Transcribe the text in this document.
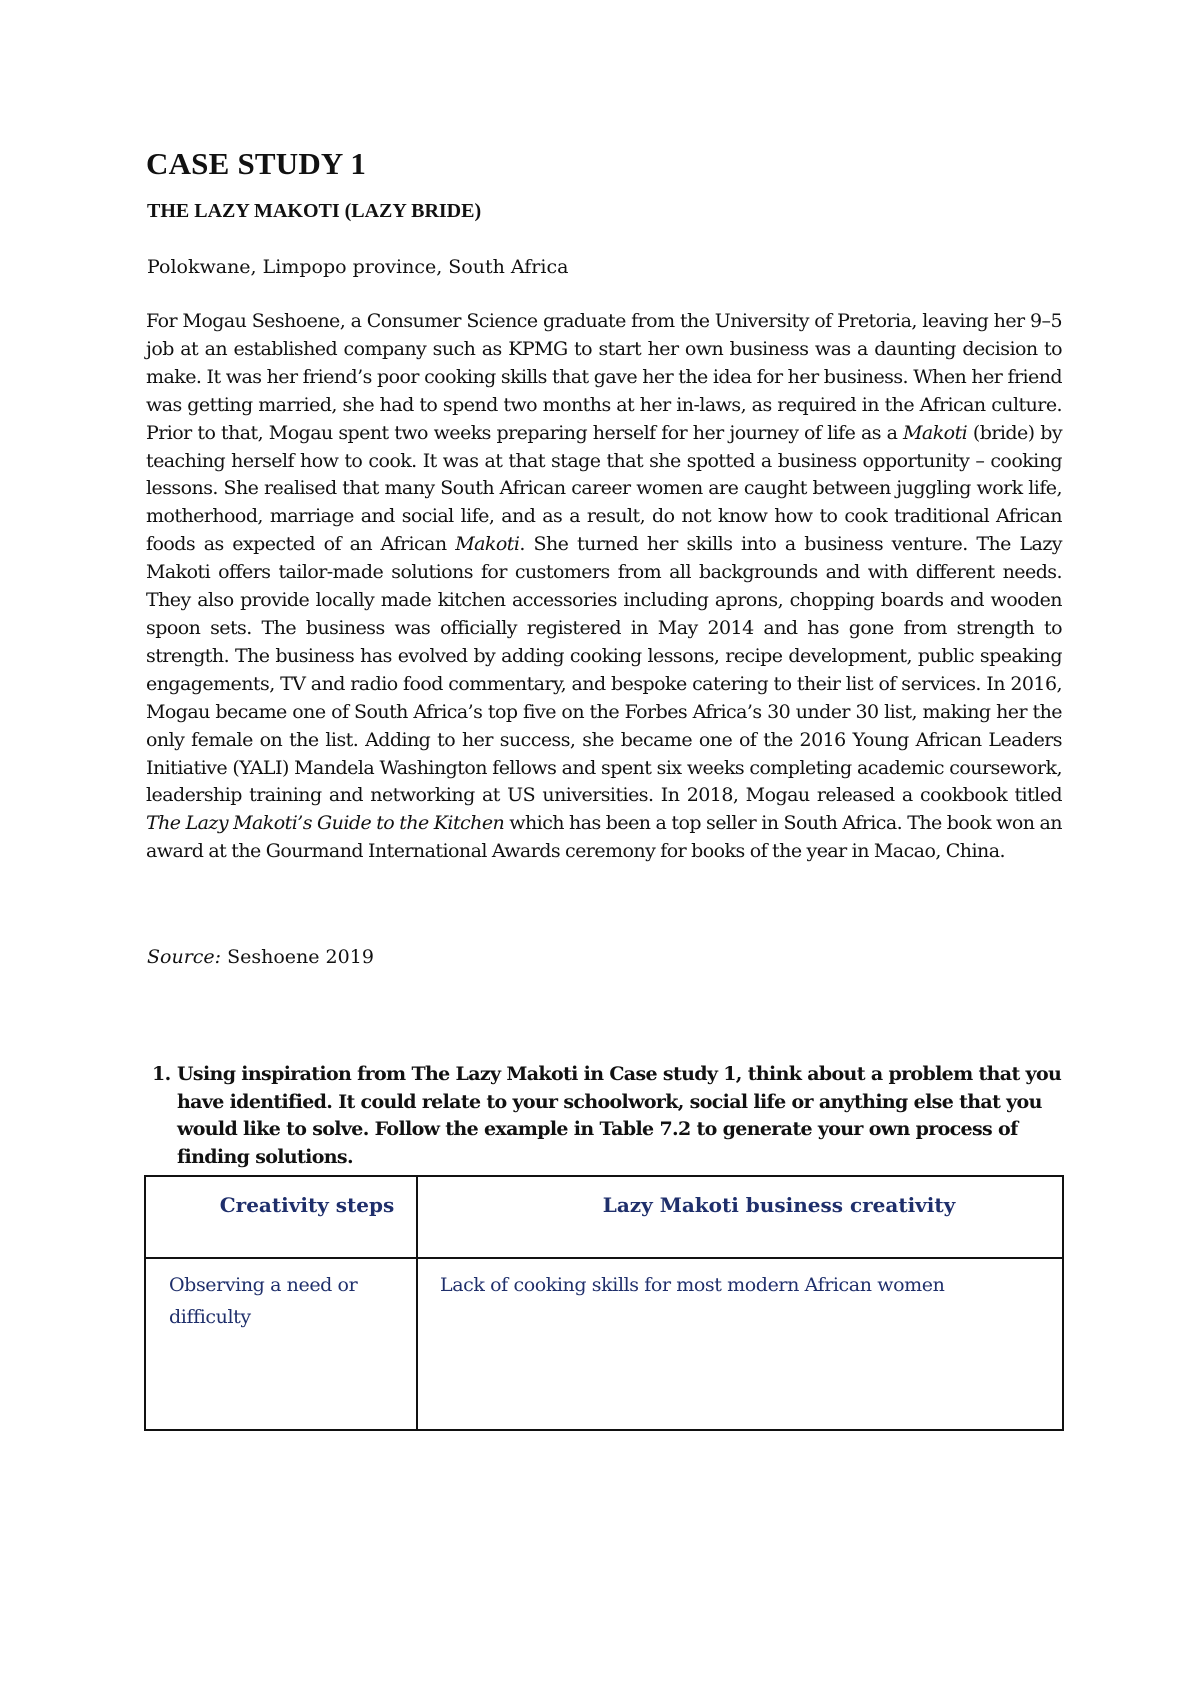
CASE STUDY 1
THE LAZY MAKOTI (LAZY BRIDE)

Polokwane, Limpopo province, South Africa

For Mogau Seshoene, a Consumer Science graduate from the University of Pretoria, leaving her 9–5 job at an established company such as KPMG to start her own business was a daunting decision to make. It was her friend’s poor cooking skills that gave her the idea for her business. When her friend was getting married, she had to spend two months at her in-laws, as required in the African culture. Prior to that, Mogau spent two weeks preparing herself for her journey of life as a Makoti (bride) by teaching herself how to cook. It was at that stage that she spotted a business opportunity – cooking lessons. She realised that many South African career women are caught between juggling work life, motherhood, marriage and social life, and as a result, do not know how to cook traditional African foods as expected of an African Makoti. She turned her skills into a business venture. The Lazy Makoti offers tailor-made solutions for customers from all backgrounds and with different needs. They also provide locally made kitchen accessories including aprons, chopping boards and wooden spoon sets. The business was officially registered in May 2014 and has gone from strength to strength. The business has evolved by adding cooking lessons, recipe development, public speaking engagements, TV and radio food commentary, and bespoke catering to their list of services. In 2016, Mogau became one of South Africa’s top five on the Forbes Africa’s 30 under 30 list, making her the only female on the list. Adding to her success, she became one of the 2016 Young African Leaders Initiative (YALI) Mandela Washington fellows and spent six weeks completing academic coursework, leadership training and networking at US universities. In 2018, Mogau released a cookbook titled The Lazy Makoti’s Guide to the Kitchen which has been a top seller in South Africa. The book won an award at the Gourmand International Awards ceremony for books of the year in Macao, China.

Source: Seshoene 2019

1. Using inspiration from The Lazy Makoti in Case study 1, think about a problem that you have identified. It could relate to your schoolwork, social life or anything else that you would like to solve. Follow the example in Table 7.2 to generate your own process of finding solutions.
Creativity steps	Lazy Makoti business creativity

Observing a need or difficulty	Lack of cooking skills for most modern African women
